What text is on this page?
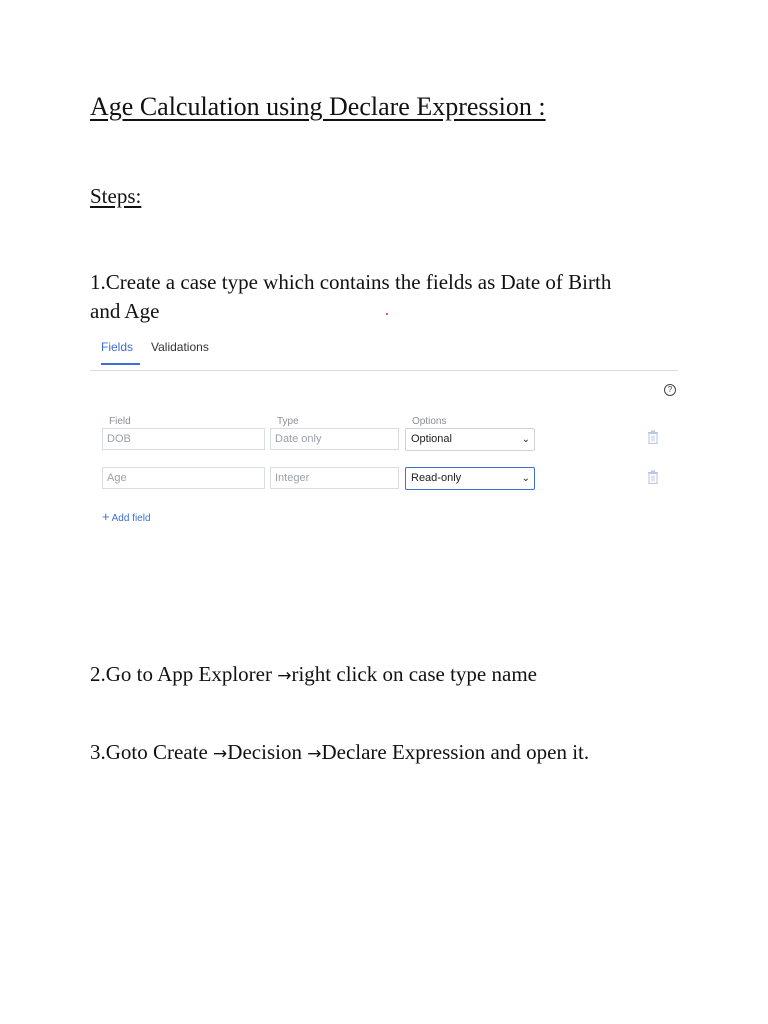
Age Calculation using Declare Expression :
Steps:
1.Create a case type which contains the fields as Date of Birth
and Age
Fields	Validations
?
Field	Type	Options
DOB	Date only	Optional	⌄
Age	Integer	Read-only	⌄
+ Add field
2.Go to App Explorer →right click on case type name
3.Goto Create →Decision →Declare Expression and open it.
